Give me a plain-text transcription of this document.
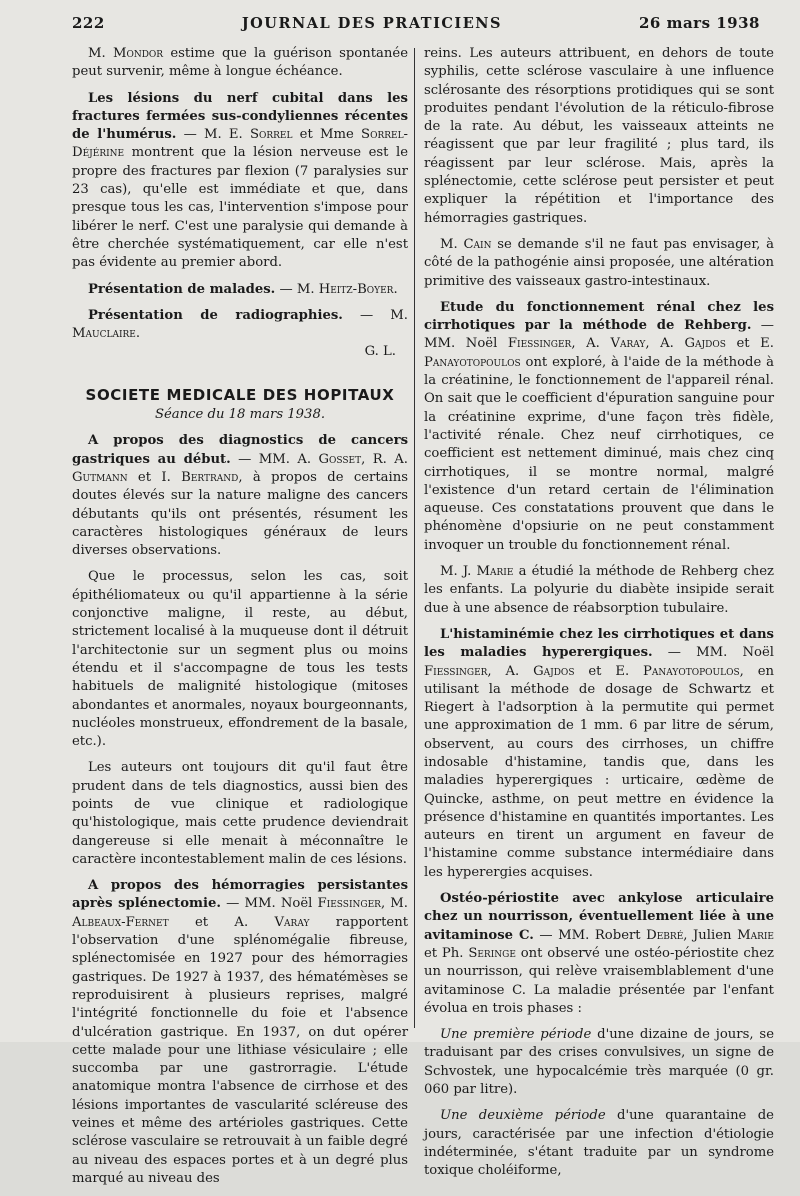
222	JOURNAL DES PRATICIENS	26 mars 1938

M. Mondor estime que la guérison spontanée peut survenir, même à longue échéance.

Les lésions du nerf cubital dans les fractures fermées sus-condyliennes récentes de l'humérus. — M. E. Sorrel et Mme Sorrel-Déjérine montrent que la lésion nerveuse est le propre des fractures par flexion (7 paralysies sur 23 cas), qu'elle est immédiate et que, dans presque tous les cas, l'intervention s'impose pour libérer le nerf. C'est une paralysie qui demande à être cherchée systématiquement, car elle n'est pas évidente au premier abord.

Présentation de malades. — M. Heitz-Boyer.

Présentation de radiographies. — M. Mauclaire.

G. L.

SOCIETE MEDICALE DES HOPITAUX
Séance du 18 mars 1938.

A propos des diagnostics de cancers gastriques au début. — MM. A. Gosset, R. A. Gutmann et I. Bertrand, à propos de certains doutes élevés sur la nature maligne des cancers débutants qu'ils ont présentés, résument les caractères histologiques généraux de leurs diverses observations.

Que le processus, selon les cas, soit épithéliomateux ou qu'il appartienne à la série conjonctive maligne, il reste, au début, strictement localisé à la muqueuse dont il détruit l'architectonie sur un segment plus ou moins étendu et il s'accompagne de tous les tests habituels de malignité histologique (mitoses abondantes et anormales, noyaux bourgeonnants, nucléoles monstrueux, effondrement de la basale, etc.).

Les auteurs ont toujours dit qu'il faut être prudent dans de tels diagnostics, aussi bien des points de vue clinique et radiologique qu'histologique, mais cette prudence deviendrait dangereuse si elle menait à méconnaître le caractère incontestablement malin de ces lésions.

A propos des hémorragies persistantes après splénectomie. — MM. Noël Fiessinger, M. Albeaux-Fernet et A. Varay rapportent l'observation d'une splénomégalie fibreuse, splénectomisée en 1927 pour des hémorragies gastriques. De 1927 à 1937, des hématémèses se reproduisirent à plusieurs reprises, malgré l'intégrité fonctionnelle du foie et l'absence d'ulcération gastrique. En 1937, on dut opérer cette malade pour une lithiase vésiculaire ; elle succomba par une gastrorragie. L'étude anatomique montra l'absence de cirrhose et des lésions importantes de vascularité scléreuse des veines et même des artérioles gastriques. Cette sclérose vasculaire se retrouvait à un faible degré au niveau des espaces portes et à un degré plus marqué au niveau des

reins. Les auteurs attribuent, en dehors de toute syphilis, cette sclérose vasculaire à une influence sclérosante des résorptions protidiques qui se sont produites pendant l'évolution de la réticulo-fibrose de la rate. Au début, les vaisseaux atteints ne réagissent que par leur fragilité ; plus tard, ils réagissent par leur sclérose. Mais, après la splénectomie, cette sclérose peut persister et peut expliquer la répétition et l'importance des hémorragies gastriques.

M. Cain se demande s'il ne faut pas envisager, à côté de la pathogénie ainsi proposée, une altération primitive des vaisseaux gastro-intestinaux.

Etude du fonctionnement rénal chez les cirrhotiques par la méthode de Rehberg. — MM. Noël Fiessinger, A. Varay, A. Gajdos et E. Panayotopoulos ont exploré, à l'aide de la méthode à la créatinine, le fonctionnement de l'appareil rénal. On sait que le coefficient d'épuration sanguine pour la créatinine exprime, d'une façon très fidèle, l'activité rénale. Chez neuf cirrhotiques, ce coefficient est nettement diminué, mais chez cinq cirrhotiques, il se montre normal, malgré l'existence d'un retard certain de l'élimination aqueuse. Ces constatations prouvent que dans le phénomène d'opsiurie on ne peut constamment invoquer un trouble du fonctionnement rénal.

M. J. Marie a étudié la méthode de Rehberg chez les enfants. La polyurie du diabète insipide serait due à une absence de réabsorption tubulaire.

L'histaminémie chez les cirrhotiques et dans les maladies hyperergiques. — MM. Noël Fiessinger, A. Gajdos et E. Panayotopoulos, en utilisant la méthode de dosage de Schwartz et Riegert à l'adsorption à la permutite qui permet une approximation de 1 mm. 6 par litre de sérum, observent, au cours des cirrhoses, un chiffre indosable d'histamine, tandis que, dans les maladies hyperergiques : urticaire, œdème de Quincke, asthme, on peut mettre en évidence la présence d'histamine en quantités importantes. Les auteurs en tirent un argument en faveur de l'histamine comme substance intermédiaire dans les hyperergies acquises.

Ostéo-périostite avec ankylose articulaire chez un nourrisson, éventuellement liée à une avitaminose C. — MM. Robert Debré, Julien Marie et Ph. Seringe ont observé une ostéo-périostite chez un nourrisson, qui relève vraisemblablement d'une avitaminose C. La maladie présentée par l'enfant évolua en trois phases :

Une première période d'une dizaine de jours, se traduisant par des crises convulsives, un signe de Schvostek, une hypocalcémie très marquée (0 gr. 060 par litre).

Une deuxième période d'une quarantaine de jours, caractérisée par une infection d'étiologie indéterminée, s'étant traduite par un syndrome toxique choléiforme,
